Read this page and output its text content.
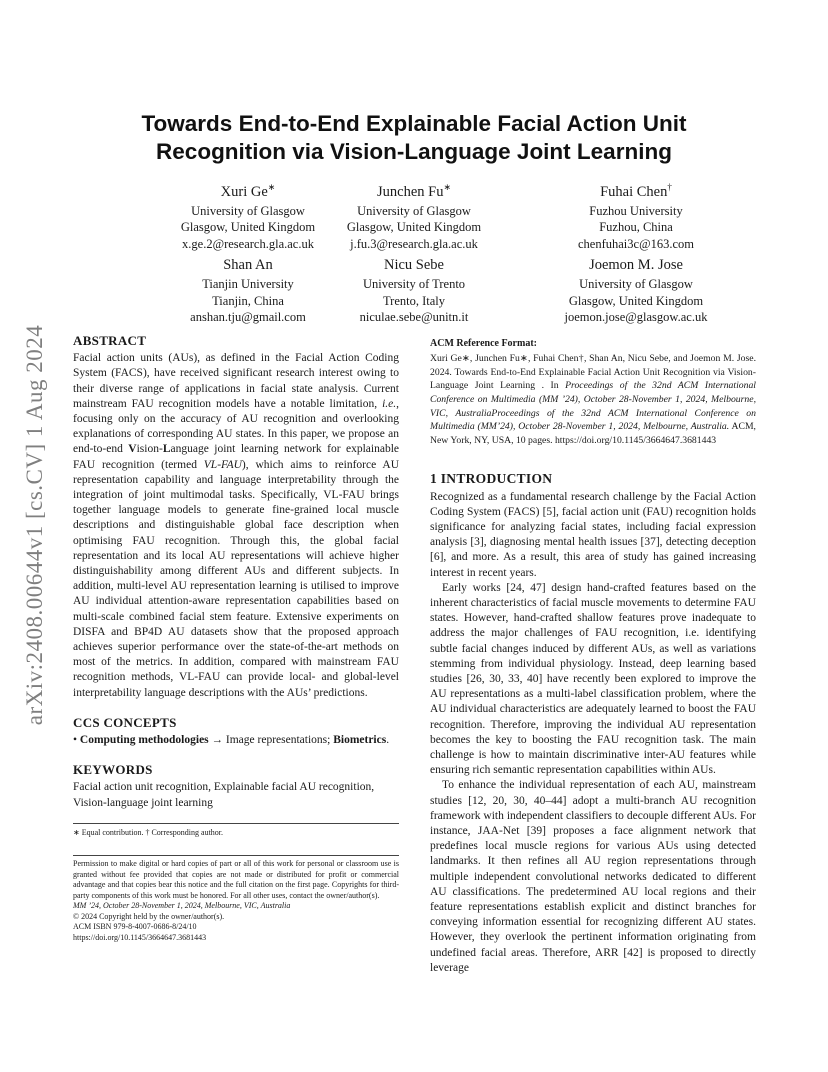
arXiv:2408.00644v1 [cs.CV] 1 Aug 2024
Towards End-to-End Explainable Facial Action Unit
Recognition via Vision-Language Joint Learning
Xuri Ge∗
University of Glasgow
Glasgow, United Kingdom
x.ge.2@research.gla.ac.uk
Junchen Fu∗
University of Glasgow
Glasgow, United Kingdom
j.fu.3@research.gla.ac.uk
Fuhai Chen†
Fuzhou University
Fuzhou, China
chenfuhai3c@163.com
Shan An
Tianjin University
Tianjin, China
anshan.tju@gmail.com
Nicu Sebe
University of Trento
Trento, Italy
niculae.sebe@unitn.it
Joemon M. Jose
University of Glasgow
Glasgow, United Kingdom
joemon.jose@glasgow.ac.uk
ABSTRACT

Facial action units (AUs), as defined in the Facial Action Coding System (FACS), have received significant research interest owing to their diverse range of applications in facial state analysis. Current mainstream FAU recognition models have a notable limitation, i.e., focusing only on the accuracy of AU recognition and overlooking explanations of corresponding AU states. In this paper, we propose an end-to-end Vision-Language joint learning network for explainable FAU recognition (termed VL-FAU), which aims to reinforce AU representation capability and language interpretability through the integration of joint multimodal tasks. Specifically, VL-FAU brings together language models to generate fine-grained local muscle descriptions and distinguishable global face description when optimising FAU recognition. Through this, the global facial representation and its local AU representations will achieve higher distinguishability among different AUs and different subjects. In addition, multi-level AU representation learning is utilised to improve AU individual attention-aware representation capabilities based on multi-scale combined facial stem feature. Extensive experiments on DISFA and BP4D AU datasets show that the proposed approach achieves superior performance over the state-of-the-art methods on most of the metrics. In addition, compared with mainstream FAU recognition methods, VL-FAU can provide local- and global-level interpretability language descriptions with the AUs’ predictions.

CCS CONCEPTS

• Computing methodologies → Image representations; Biometrics.

KEYWORDS

Facial action unit recognition, Explainable facial AU recognition, Vision-language joint learning

∗ Equal contribution. † Corresponding author.
Permission to make digital or hard copies of part or all of this work for personal or classroom use is granted without fee provided that copies are not made or distributed for profit or commercial advantage and that copies bear this notice and the full citation on the first page. Copyrights for third-party components of this work must be honored. For all other uses, contact the owner/author(s).
MM ’24, October 28-November 1, 2024, Melbourne, VIC, Australia
© 2024 Copyright held by the owner/author(s).
ACM ISBN 979-8-4007-0686-8/24/10
https://doi.org/10.1145/3664647.3681443
ACM Reference Format:
Xuri Ge∗, Junchen Fu∗, Fuhai Chen†, Shan An, Nicu Sebe, and Joemon M. Jose. 2024. Towards End-to-End Explainable Facial Action Unit Recognition via Vision-Language Joint Learning . In Proceedings of the 32nd ACM International Conference on Multimedia (MM ’24), October 28-November 1, 2024, Melbourne, VIC, AustraliaProceedings of the 32nd ACM International Conference on Multimedia (MM’24), October 28-November 1, 2024, Melbourne, Australia. ACM, New York, NY, USA, 10 pages. https://doi.org/10.1145/3664647.3681443
1 INTRODUCTION

Recognized as a fundamental research challenge by the Facial Action Coding System (FACS) [5], facial action unit (FAU) recognition holds significance for analyzing facial states, including facial expression analysis [3], diagnosing mental health issues [37], detecting deception [6], and more. As a result, this area of study has gained increasing interest in recent years.

Early works [24, 47] design hand-crafted features based on the inherent characteristics of facial muscle movements to determine FAU states. However, hand-crafted shallow features prove inadequate to address the major challenges of FAU recognition, i.e. identifying subtle facial changes induced by different AUs, as well as variations stemming from individual physiology. Instead, deep learning based studies [26, 30, 33, 40] have recently been explored to improve the AU representations as a multi-label classification problem, where the AU individual characteristics are adequately learned to boost the FAU recognition. Therefore, improving the individual AU representation becomes the key to boosting the FAU recognition task. The main challenge is how to maintain discriminative inter-AU features while ensuring rich semantic representation capabilities within AUs.

To enhance the individual representation of each AU, mainstream studies [12, 20, 30, 40–44] adopt a multi-branch AU recognition framework with independent classifiers to decouple different AUs. For instance, JAA-Net [39] proposes a face alignment network that predefines local muscle regions for various AUs using detected landmarks. It then refines all AU region representations through multiple independent convolutional networks dedicated to different AU classifications. The predetermined AU local regions and their feature representations establish explicit and distinct branches for conveying information essential for recognizing different AU states. However, they overlook the pertinent information originating from undefined facial areas. Therefore, ARR [42] is proposed to directly leverage
